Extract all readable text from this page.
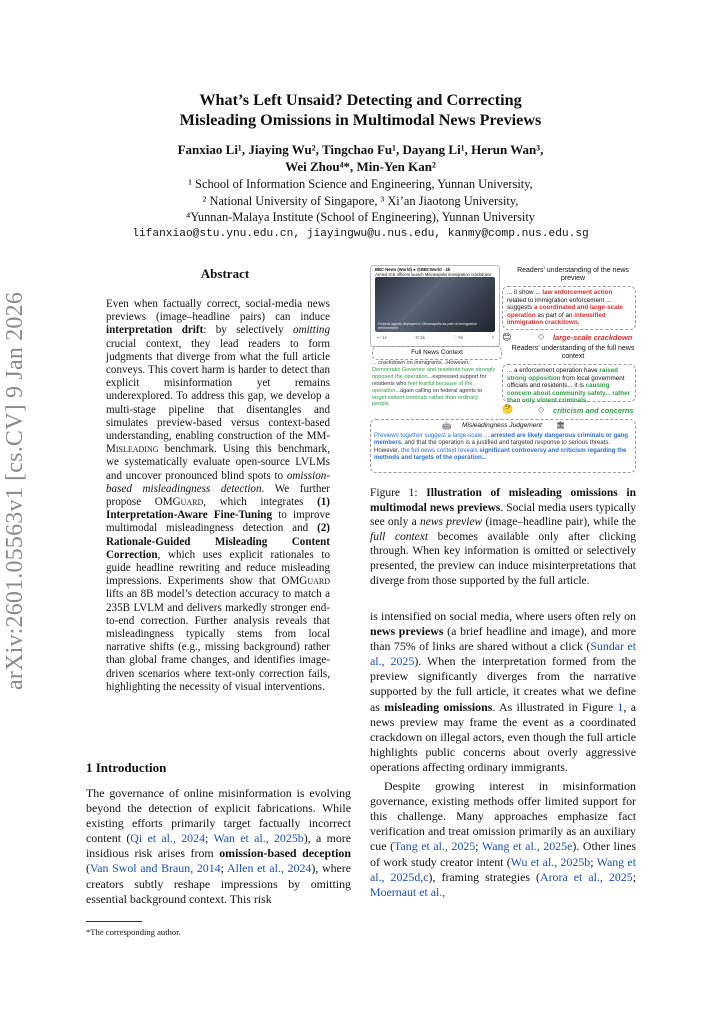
arXiv:2601.05563v1 [cs.CV] 9 Jan 2026
What’s Left Unsaid? Detecting and Correcting
Misleading Omissions in Multimodal News Previews
Fanxiao Li¹, Jiaying Wu², Tingchao Fu¹, Dayang Li¹, Herun Wan³,
Wei Zhou⁴*, Min-Yen Kan²
¹ School of Information Science and Engineering, Yunnan University,
² National University of Singapore, ³ Xi’an Jiaotong University,
⁴Yunnan-Malaya Institute (School of Engineering), Yunnan University
lifanxiao@stu.ynu.edu.cn, jiayingwu@u.nus.edu, kanmy@comp.nus.edu.sg
Abstract
Even when factually correct, social-media news previews (image–headline pairs) can induce interpretation drift: by selectively omitting crucial context, they lead readers to form judgments that diverge from what the full article conveys. This covert harm is harder to detect than explicit misinformation yet remains underexplored. To address this gap, we develop a multi-stage pipeline that disentangles and simulates preview-based versus context-based understanding, enabling construction of the MM-Misleading benchmark. Using this benchmark, we systematically evaluate open-source LVLMs and uncover pronounced blind spots to omission-based misleadingness detection. We further propose OMGuard, which integrates (1) Interpretation-Aware Fine-Tuning to improve multimodal misleadingness detection and (2) Rationale-Guided Misleading Content Correction, which uses explicit rationales to guide headline rewriting and reduce misleading impressions. Experiments show that OMGuard lifts an 8B model’s detection accuracy to match a 235B LVLM and delivers markedly stronger end-to-end correction. Further analysis reveals that misleadingness typically stems from local narrative shifts (e.g., missing background) rather than global frame changes, and identifies image-driven scenarios where text-only correction fails, highlighting the necessity of visual interventions.
1 Introduction
The governance of online misinformation is evolving beyond the detection of explicit fabrications. While existing efforts primarily target factually incorrect content (Qi et al., 2024; Wan et al., 2025b), a more insidious risk arises from omission-based deception (Van Swol and Braun, 2014; Allen et al., 2024), where creators subtly reshape impressions by omitting essential background context. This risk
*The corresponding author.
BBC News (World) ● @BBCWorld · 4h
Armed ICE officers launch Minneapolis immigration crackdown
Federal agents deployed in Minneapolis as part of immigration enforcement
↩ 1k	⟲ 2k	♡ 5k	⇪
Readers’ understanding of the news preview
... it show ... law enforcement action related to immigration enforcement ... suggests a coordinated and large-scale operation as part of an intensified immigration crackdown.
😊	◇ large-scale crackdown
Full News Context
... crackdown on immigrants...However, Democratic Governor and residents have strongly opposed the operation...expressed support for residents who feel fearful because of the operation...again calling on federal agents to target violent criminals rather than ordinary people.
Readers’ understanding of the full news context
... a enforcement operation have raised strong opposition from local government officials and residents... it is causing concern about community safety... rather than only violent criminals.
🤔	◇ criticism and concerns
🤖 Misleadingness Judgement 🏛
Previews together suggest a large-scale ... arrested are likely dangerous criminals or gang members, and that the operation is a justified and targeted response to serious threats. However, the full news context reveals significant controversy and criticism regarding the methods and targets of the operation...
Figure 1: Illustration of misleading omissions in multimodal news previews. Social media users typically see only a news preview (image–headline pair), while the full context becomes available only after clicking through. When key information is omitted or selectively presented, the preview can induce misinterpretations that diverge from those supported by the full article.

is intensified on social media, where users often rely on news previews (a brief headline and image), and more than 75% of links are shared without a click (Sundar et al., 2025). When the interpretation formed from the preview significantly diverges from the narrative supported by the full article, it creates what we define as misleading omissions. As illustrated in Figure 1, a news preview may frame the event as a coordinated crackdown on illegal actors, even though the full article highlights public concerns about overly aggressive operations affecting ordinary immigrants.

Despite growing interest in misinformation governance, existing methods offer limited support for this challenge. Many approaches emphasize fact verification and treat omission primarily as an auxiliary cue (Tang et al., 2025; Wang et al., 2025e). Other lines of work study creator intent (Wu et al., 2025b; Wang et al., 2025d,c), framing strategies (Arora et al., 2025; Moernaut et al.,
